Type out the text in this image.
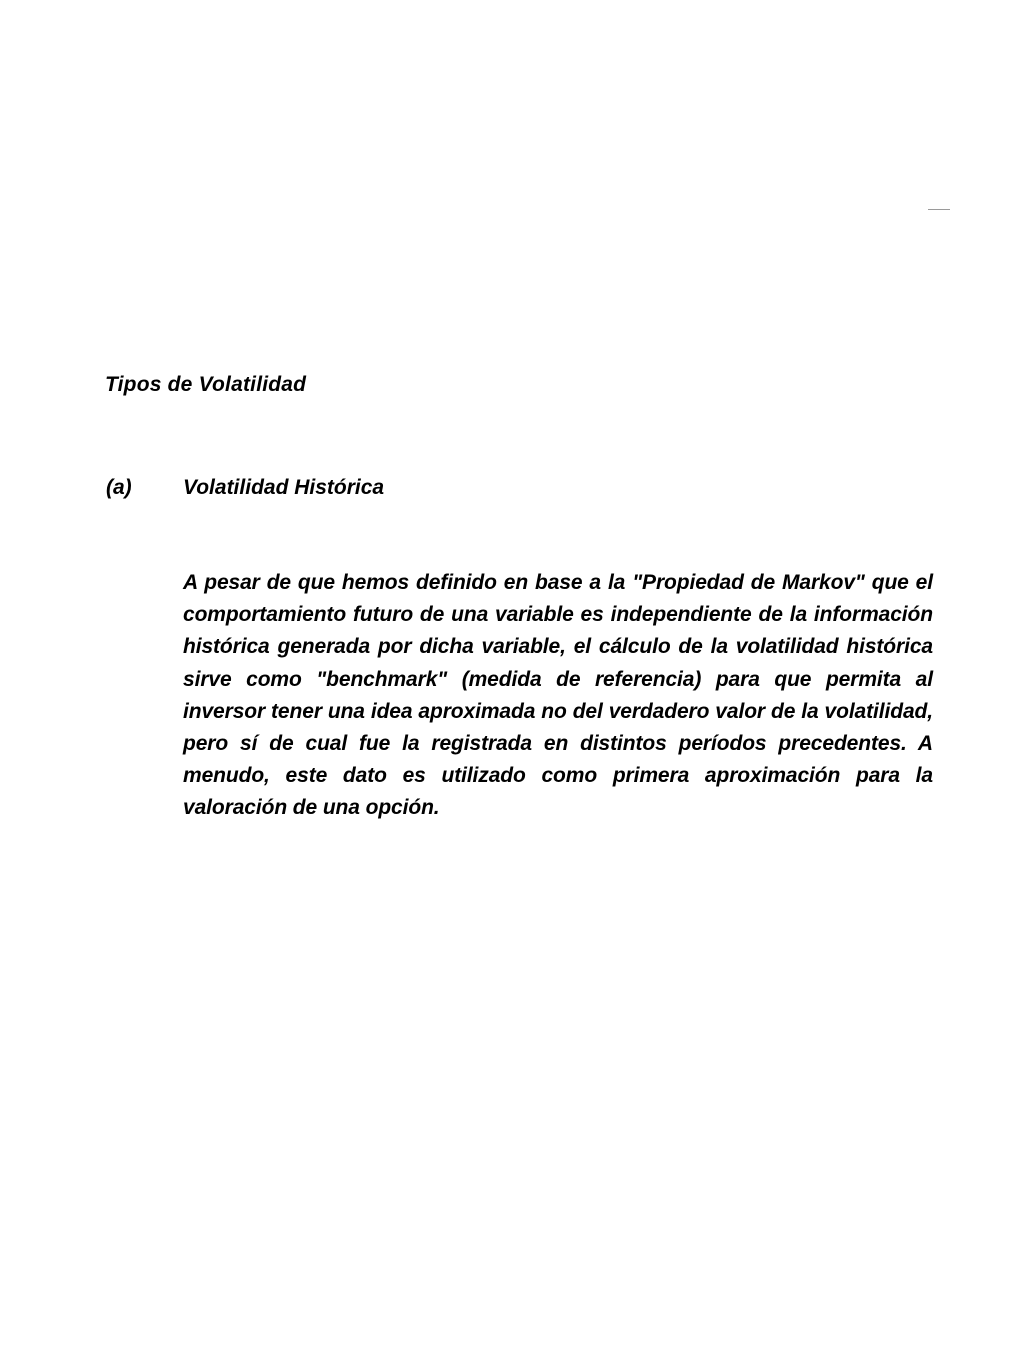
Tipos de Volatilidad
(a) Volatilidad Histórica

A pesar de que hemos definido en base a la "Propiedad de Markov" que el comportamiento futuro de una variable es independiente de la información histórica generada por dicha variable, el cálculo de la volatilidad histórica sirve como "benchmark" (medida de referencia) para que permita al inversor tener una idea aproximada no del verdadero valor de la volatilidad, pero sí de cual fue la registrada en distintos períodos precedentes. A menudo, este dato es utilizado como primera aproximación para la valoración de una opción.
